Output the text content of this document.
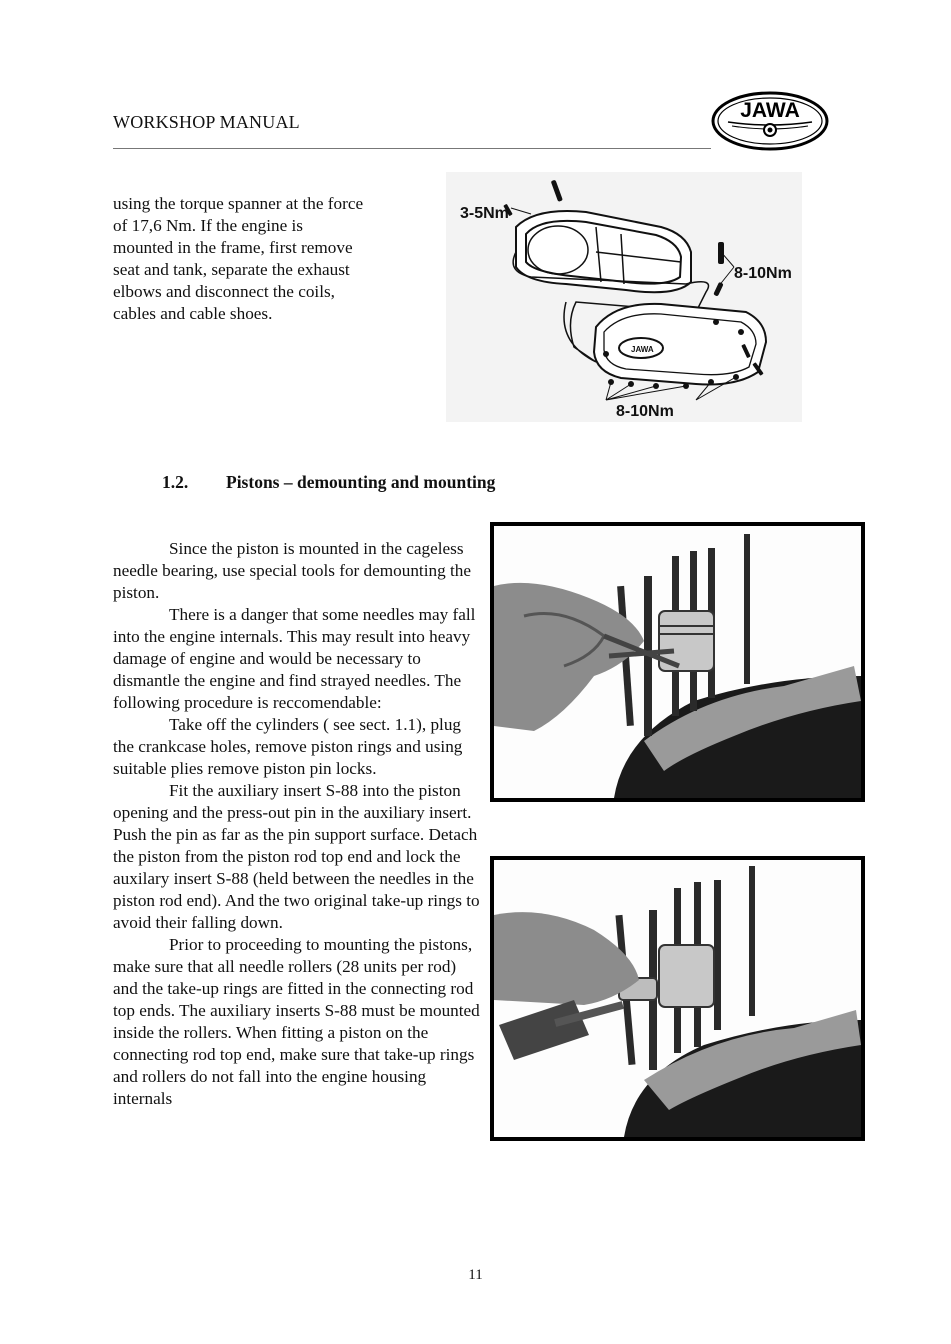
WORKSHOP MANUAL	JAWA

using the torque spanner at the force

of 17,6 Nm. If the engine is

mounted in the frame, first remove

seat and tank, separate the exhaust

elbows and disconnect the coils,

cables and cable shoes.

JAWA
3-5Nm
8-10Nm
8-10Nm
1.2. Pistons – demounting and mounting

Since the piston is mounted in the cageless needle bearing, use special tools for demounting the piston.

There is a danger that some needles may fall into the engine internals. This may result into heavy damage of engine and would be necessary to dismantle the engine and find strayed needles. The following procedure is reccomendable:

Take off the cylinders ( see sect. 1.1), plug the crankcase holes, remove piston rings and using suitable plies remove piston pin locks.

Fit the auxiliary insert S-88 into the piston opening and the press-out pin in the auxiliary insert. Push the pin as far as the pin support surface. Detach the piston from the piston rod top end and lock the auxilary insert S-88 (held between the needles in the piston rod end). And the two original take-up rings to avoid their falling down.

Prior to proceeding to mounting the pistons, make sure that all needle rollers (28 units per rod) and the take-up rings are fitted in the connecting rod top ends. The auxiliary inserts S-88 must be mounted inside the rollers. When fitting a piston on the connecting rod top end, make sure that take-up rings and rollers do not fall into the engine housing internals

11
